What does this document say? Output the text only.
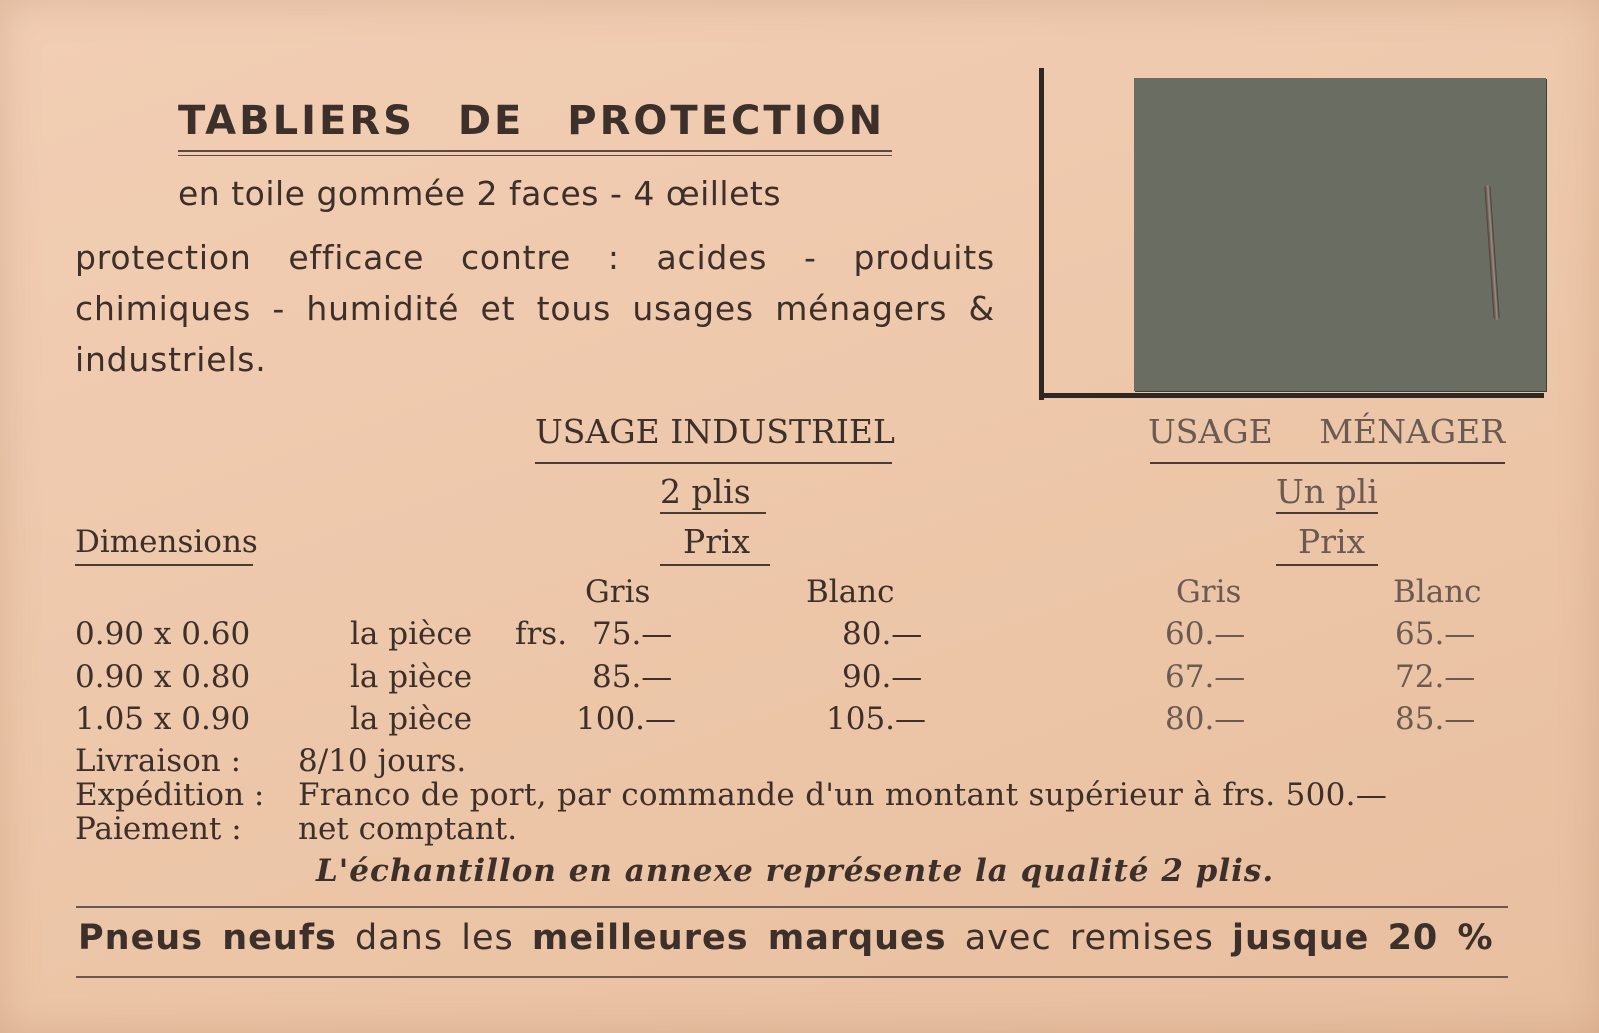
TABLIERS DE PROTECTION
en toile gommée 2 faces - 4 œillets
protection efficace contre : acides - produits chimiques - humidité et tous usages ménagers & industriels.
USAGE INDUSTRIEL
2 plis
Prix
USAGE MÉNAGER
Un pli
Prix
Dimensions
Gris	Blanc	Gris	Blanc
0.90 x 0.60	la pièce frs. 75.—	80.—	60.—	65.—
0.90 x 0.80	la pièce	85.—	90.—	67.—	72.—
1.05 x 0.90	la pièce	100.—	105.—	80.—	85.—
Livraison : 8/10 jours.
Expédition : Franco de port, par commande d'un montant supérieur à frs. 500.—
Paiement : net comptant.
L'échantillon en annexe représente la qualité 2 plis.
Pneus neufs dans les meilleures marques avec remises jusque 20 %
